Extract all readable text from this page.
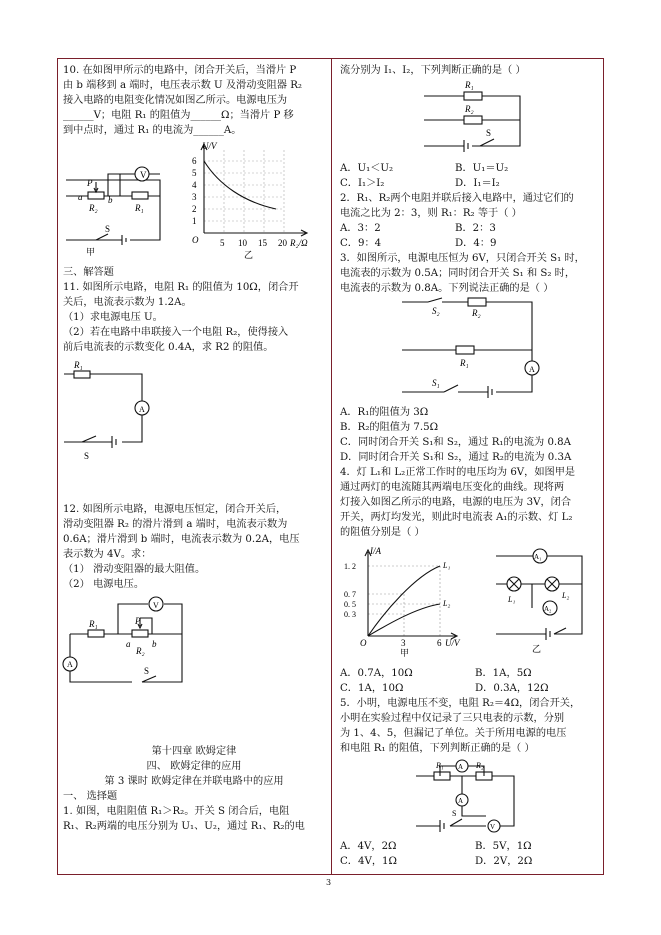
10. 在如图甲所示的电路中，闭合开关后，当滑片 P
由 b 端移到 a 端时，电压表示数 U 及滑动变阻器 R₂
接入电路的电阻变化情况如图乙所示。电源电压为
______V；电阻 R₁ 的阻值为______Ω；当滑片 P 移
到中点时，通过 R₁ 的电流为______A。
V
P
a
R₂
b
R₁
S
甲
U/V
6
5
4
3
2
1
O 5 10 15 20 R₂/Ω
乙
三、解答题
11. 如图所示电路，电阻 R₁ 的阻值为 10Ω，闭合开
关后，电流表示数为 1.2A。
（1）求电源电压 U。
（2）若在电路中串联接入一个电阻 R₂，使得接入
前后电流表的示数变化 0.4A，求 R2 的阻值。
R₁
A
S
12. 如图所示电路，电源电压恒定，闭合开关后，
滑动变阻器 R₂ 的滑片滑到 a 端时，电流表示数为
0.6A；滑片滑到 b 端时，电流表示数为 0.2A，电压
表示数为 4V。求：
（1） 滑动变阻器的最大阻值。
（2） 电源电压。
V
R₁	P
a
R₂
b
A
S
第十四章 欧姆定律
四、 欧姆定律的应用
第 3 课时 欧姆定律在并联电路中的应用
一、 选择题
1. 如图，电阻阻值 R₁＞R₂。开关 S 闭合后，电阻
R₁、R₂两端的电压分别为 U₁、U₂，通过 R₁、R₂的电
流分别为 I₁、I₂，下列判断正确的是（ ）
R₁
R₂
S
A．U₁＜U₂	B．U₁＝U₂
C．I₁＞I₂	D．I₁＝I₂
2．R₁、R₂两个电阻并联后接入电路中，通过它们的
电流之比为 2：3，则 R₁：R₂ 等于（ ）
A．3：2	B．2：3
C．9：4	D．4：9
3．如图所示，电源电压恒为 6V，只闭合开关 S₁ 时，
电流表的示数为 0.5A；同时闭合开关 S₁ 和 S₂ 时，
电流表的示数为 0.8A。下列说法正确的是（ ）
S₂	R₂
R₁
A
S₁
A．R₁的阻值为 3Ω
B．R₂的阻值为 7.5Ω
C．同时闭合开关 S₁和 S₂，通过 R₁的电流为 0.8A
D．同时闭合开关 S₁和 S₂，通过 R₂的电流为 0.3A
4．灯 L₁和 L₂正常工作时的电压均为 6V，如图甲是
通过两灯的电流随其两端电压变化的曲线。现将两
灯接入如图乙所示的电路，电源的电压为 3V，闭合
开关，两灯均发光，则此时电流表 A₁的示数、灯 L₂
的阻值分别是（ ）
I/A
1. 2
0. 7
0. 5
0. 3
O	3	6 U/V
L₁
L₂
甲
A₁
A₂
L₁	L₂
乙
A．0.7A，10Ω	B．1A，5Ω
C．1A，10Ω	D．0.3A，12Ω
5．小明，电源电压不变，电阻 R₂＝4Ω，闭合开关，
小明在实验过程中仅记录了三只电表的示数，分别
为 1、4、5，但漏记了单位。关于所用电源的电压
和电阻 R₁ 的阻值，下列判断正确的是（ ）
A
R₁	R₂
A
S
V
A．4V，2Ω	B．5V，1Ω
C．4V，1Ω	D．2V，2Ω
3
